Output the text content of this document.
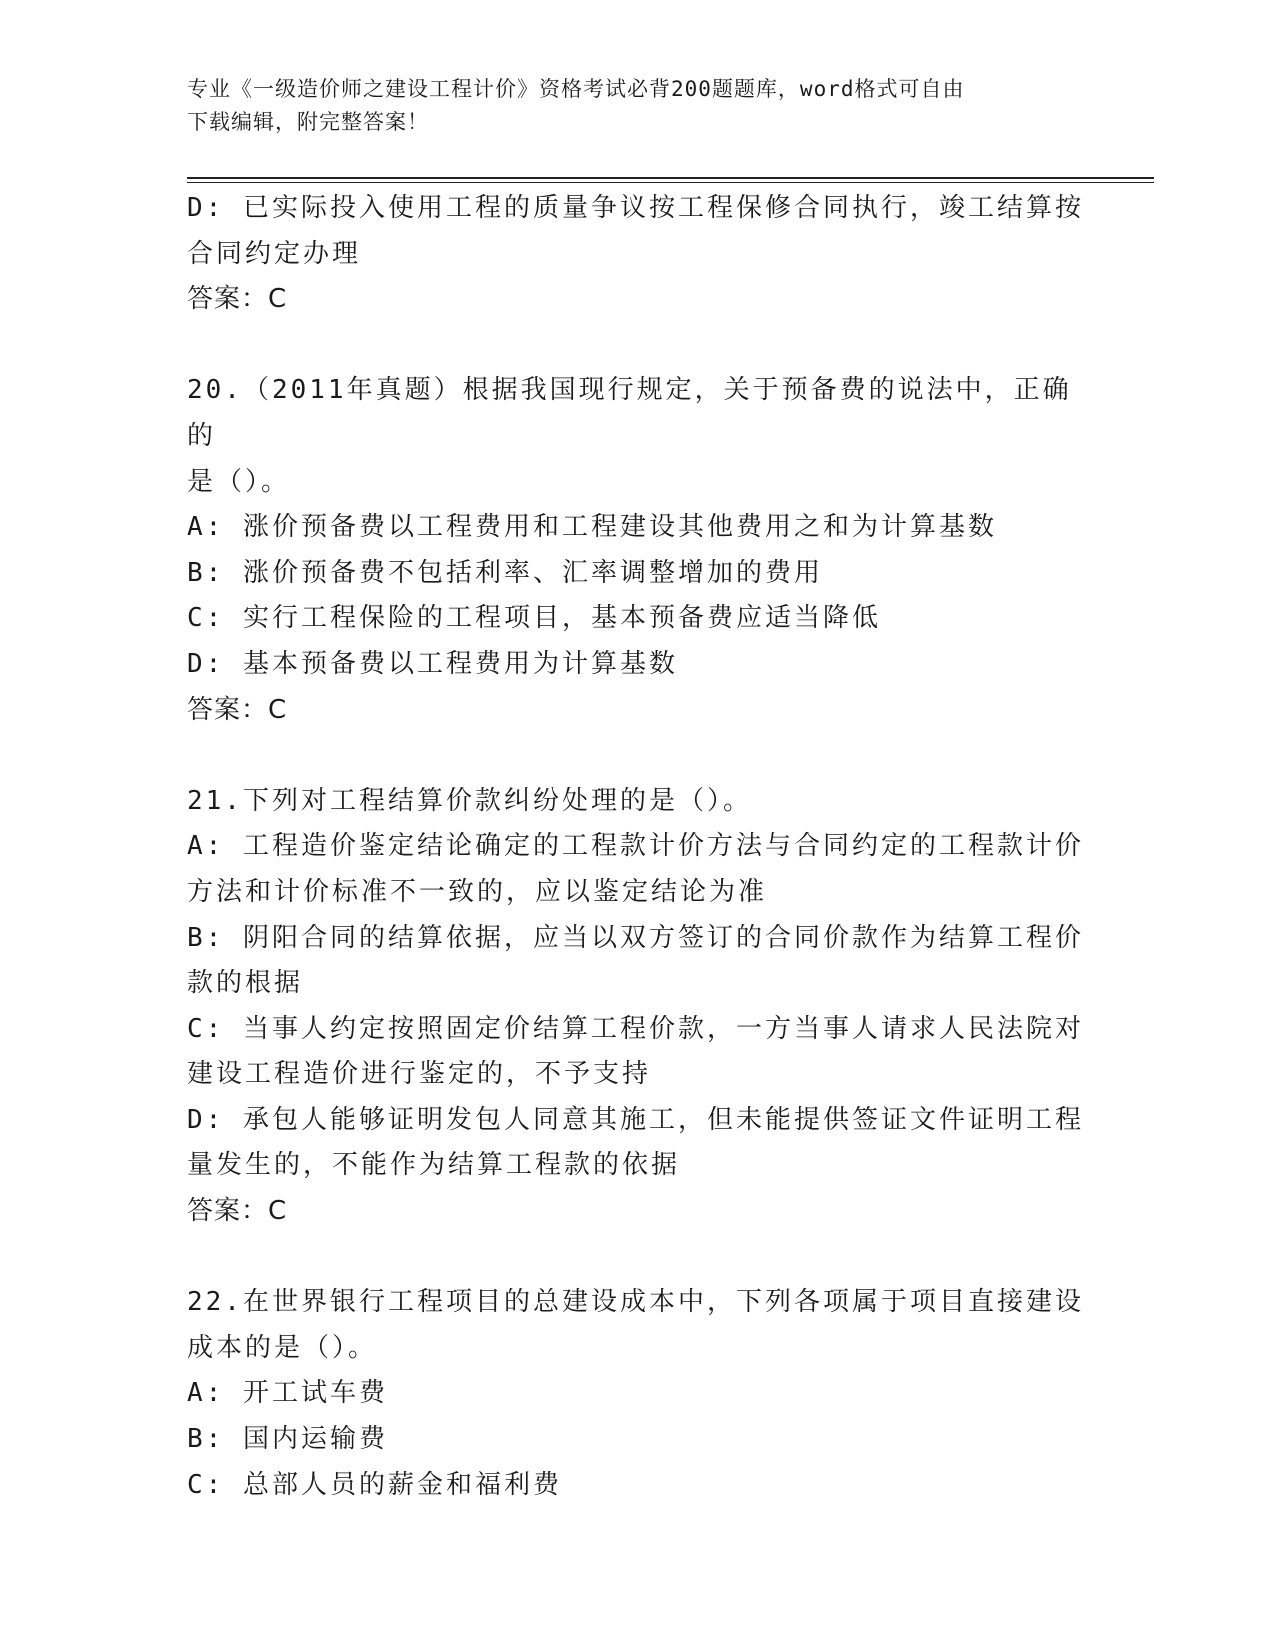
专业《一级造价师之建设工程计价》资格考试必背200题题库，word格式可自由
下载编辑，附完整答案！
D: 已实际投入使用工程的质量争议按工程保修合同执行，竣工结算按
合同约定办理
答案：C
20.（2011年真题）根据我国现行规定，关于预备费的说法中，正确的
是（）。
A: 涨价预备费以工程费用和工程建设其他费用之和为计算基数
B: 涨价预备费不包括利率、汇率调整增加的费用
C: 实行工程保险的工程项目，基本预备费应适当降低
D: 基本预备费以工程费用为计算基数
答案：C
21.下列对工程结算价款纠纷处理的是（）。
A: 工程造价鉴定结论确定的工程款计价方法与合同约定的工程款计价
方法和计价标准不一致的，应以鉴定结论为准
B: 阴阳合同的结算依据，应当以双方签订的合同价款作为结算工程价
款的根据
C: 当事人约定按照固定价结算工程价款，一方当事人请求人民法院对
建设工程造价进行鉴定的，不予支持
D: 承包人能够证明发包人同意其施工，但未能提供签证文件证明工程
量发生的，不能作为结算工程款的依据
答案：C
22.在世界银行工程项目的总建设成本中，下列各项属于项目直接建设
成本的是（）。
A: 开工试车费
B: 国内运输费
C: 总部人员的薪金和福利费
